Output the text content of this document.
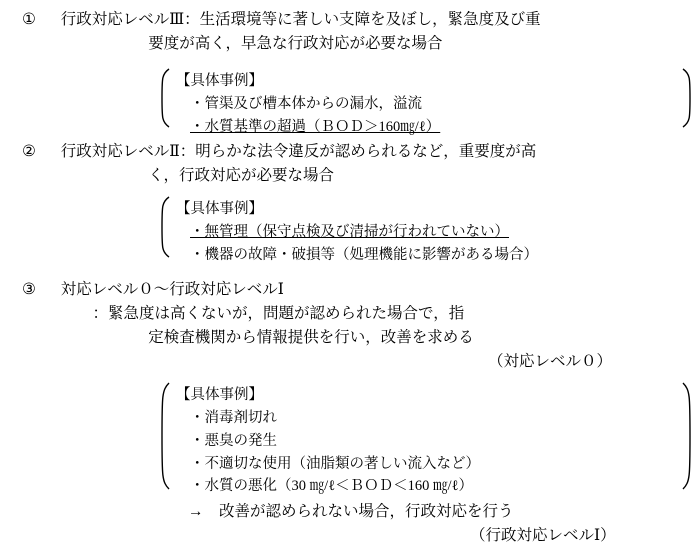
①	行政対応レベルⅢ：生活環境等に著しい支障を及ぼし，緊急度及び重
要度が高く，早急な行政対応が必要な場合
【具体事例】
・管渠及び槽本体からの漏水，溢流
・水質基準の超過（ＢＯＤ＞160㎎/ℓ）
②	行政対応レベルⅡ：明らかな法令違反が認められるなど，重要度が高
く，行政対応が必要な場合
【具体事例】
・無管理（保守点検及び清掃が行われていない）
・機器の故障・破損等（処理機能に影響がある場合）
③	対応レベル０～行政対応レベルⅠ
：緊急度は高くないが，問題が認められた場合で，指
定検査機関から情報提供を行い，改善を求める
（対応レベル０）
【具体事例】
・消毒剤切れ
・悪臭の発生
・不適切な使用（油脂類の著しい流入など）
・水質の悪化（30 ㎎/ℓ＜ＢＯＤ＜160 ㎎/ℓ）
→　改善が認められない場合，行政対応を行う
（行政対応レベルⅠ）
